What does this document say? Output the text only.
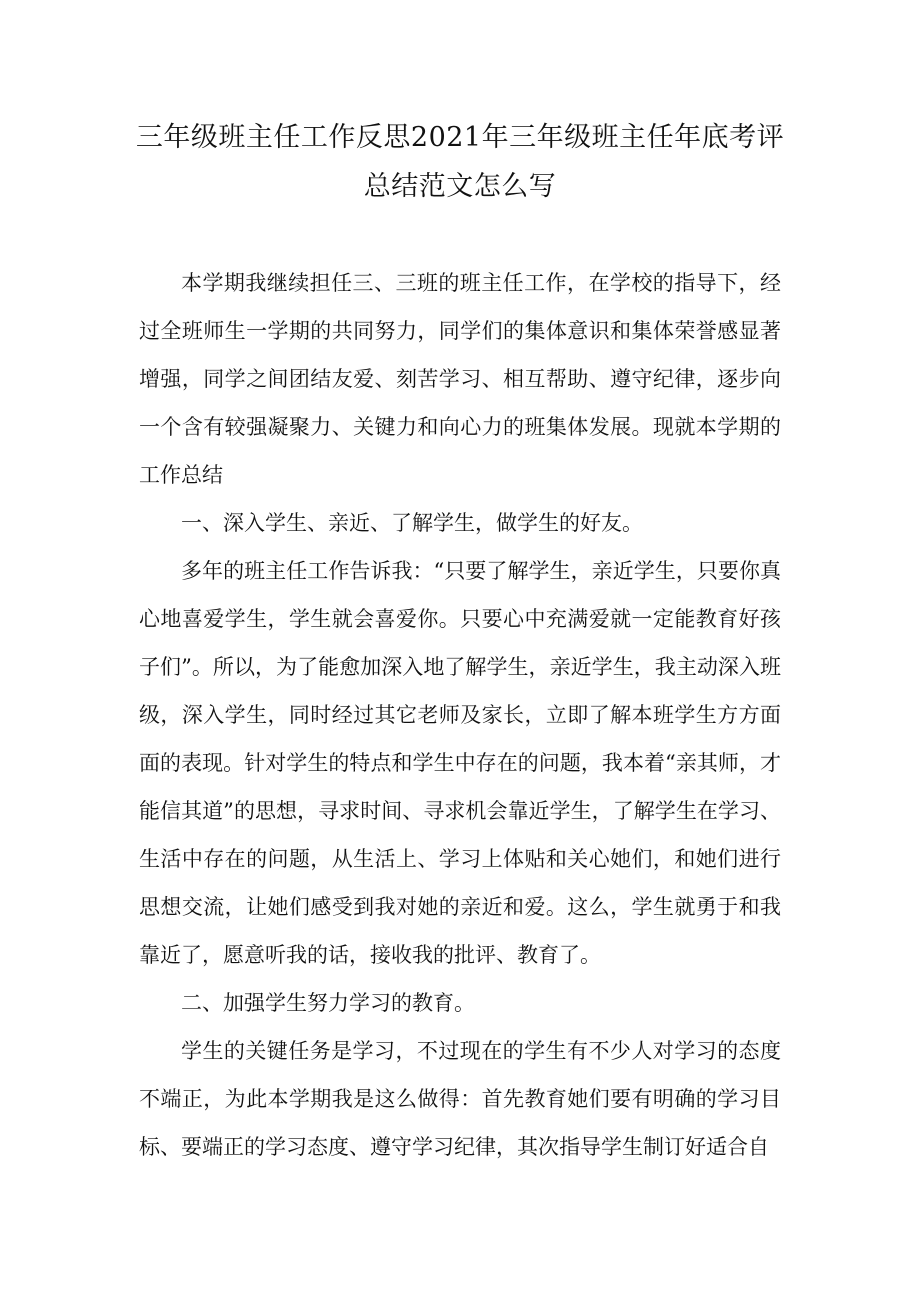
三年级班主任工作反思2021年三年级班主任年底考评总结范文怎么写

本学期我继续担任三、三班的班主任工作，在学校的指导下，经过全班师生一学期的共同努力，同学们的集体意识和集体荣誉感显著增强，同学之间团结友爱、刻苦学习、相互帮助、遵守纪律，逐步向一个含有较强凝聚力、关键力和向心力的班集体发展。现就本学期的工作总结

一、深入学生、亲近、了解学生，做学生的好友。

多年的班主任工作告诉我：“只要了解学生，亲近学生，只要你真心地喜爱学生，学生就会喜爱你。只要心中充满爱就一定能教育好孩子们”。所以，为了能愈加深入地了解学生，亲近学生，我主动深入班级，深入学生，同时经过其它老师及家长，立即了解本班学生方方面面的表现。针对学生的特点和学生中存在的问题，我本着“亲其师，才能信其道”的思想，寻求时间、寻求机会靠近学生，了解学生在学习、生活中存在的问题，从生活上、学习上体贴和关心她们，和她们进行思想交流，让她们感受到我对她的亲近和爱。这么，学生就勇于和我靠近了，愿意听我的话，接收我的批评、教育了。

二、加强学生努力学习的教育。

学生的关键任务是学习，不过现在的学生有不少人对学习的态度不端正，为此本学期我是这么做得：首先教育她们要有明确的学习目标、要端正的学习态度、遵守学习纪律，其次指导学生制订好适合自
